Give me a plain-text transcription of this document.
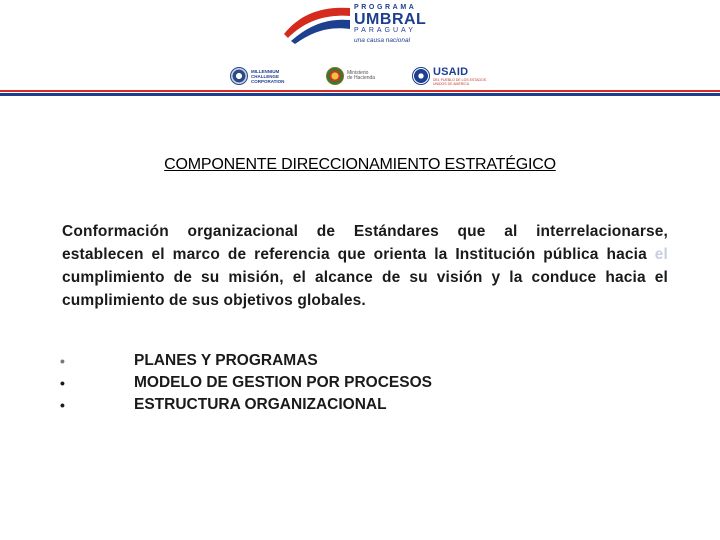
PROGRAMA
UMBRAL
PARAGUAY
una causa nacional
MILLENNIUM
CHALLENGE
CORPORATION
Ministerio
de Hacienda
USAID
DEL PUEBLO DE LOS ESTADOS UNIDOS DE AMERICA
COMPONENTE DIRECCIONAMIENTO ESTRATÉGICO

Conformación organizacional de Estándares que al interrelacionarse, establecen el marco de referencia que orienta la Institución pública hacia el cumplimiento de su misión, el alcance de su visión y la conduce hacia el cumplimiento de sus objetivos globales.

•	PLANES Y PROGRAMAS
•	MODELO DE GESTION POR PROCESOS
•	ESTRUCTURA ORGANIZACIONAL
